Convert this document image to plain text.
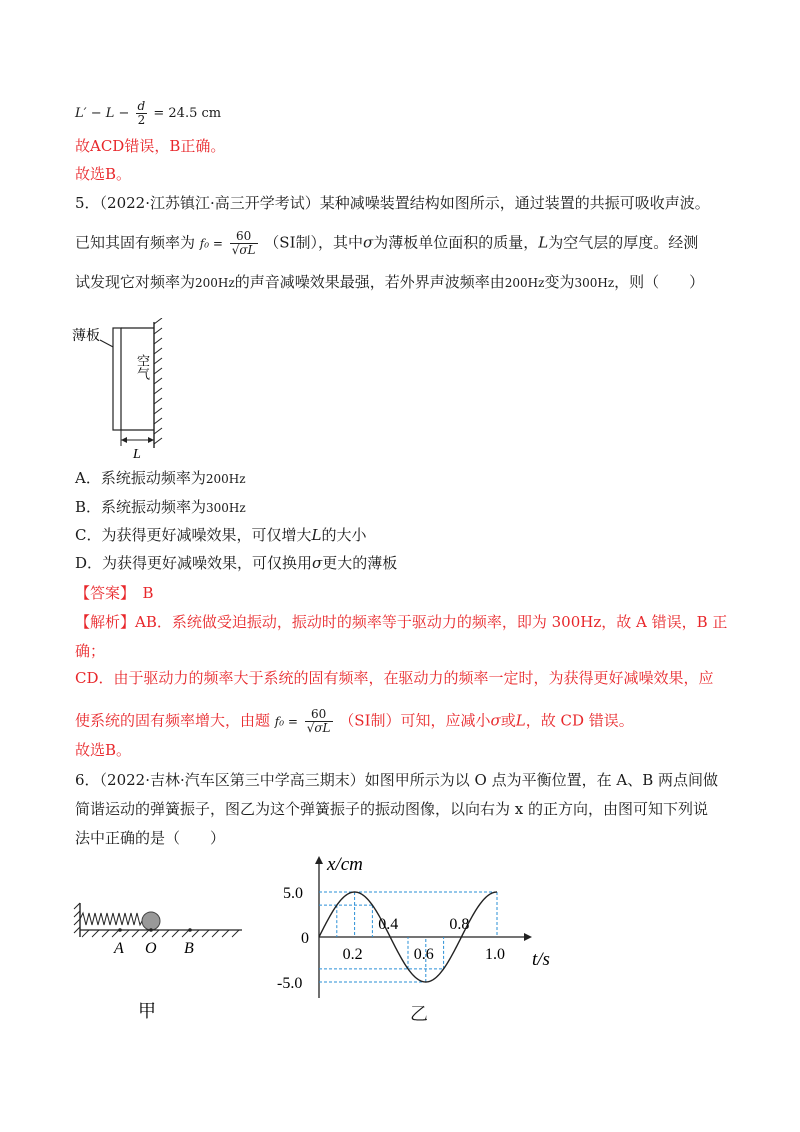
$L' - L - \frac{d}{2} = 24.5$ cm
故ACD错误，B正确。
故选B。
5．（2022·江苏镇江·高三开学考试）某种减噪装置结构如图所示，通过装置的共振可吸收声波。
已知其固有频率为 $f_0 = \frac{60}{√\sigma L} (SI$制），其中σ为薄板单位面积的质量，L为空气层的厚度。经测
试发现它对频率为200Hz的声音减噪效果最强，若外界声波频率由200Hz变为300Hz，则（　　）
薄板
空气
L
A．系统振动频率为200Hz
B．系统振动频率为300Hz
C．为获得更好减噪效果，可仅增大L的大小
D．为获得更好减噪效果，可仅换用σ更大的薄板
【答案】　 B
【解析】AB．系统做受迫振动，振动时的频率等于驱动力的频率，即为 300Hz，故 A 错误，B 正
确；
CD．由于驱动力的频率大于系统的固有频率，在驱动力的频率一定时，为获得更好减噪效果，应
使系统的固有频率增大，由题 $f_0 = \frac{60}{√\sigma L} (SI$制）可知，应减小σ或L，故 CD 错误。
故选B。
6．（2022·吉林·汽车区第三中学高三期末）如图甲所示为以 O 点为平衡位置，在 A、B 两点间做
简谐运动的弹簧振子，图乙为这个弹簧振子的振动图像，以向右为 x 的正方向，由图可知下列说
法中正确的是（　　）
A O B
甲
x/cm
t/s
0.2
0.4
0.6
0.8
1.0
5.0
0
-5.0
乙
